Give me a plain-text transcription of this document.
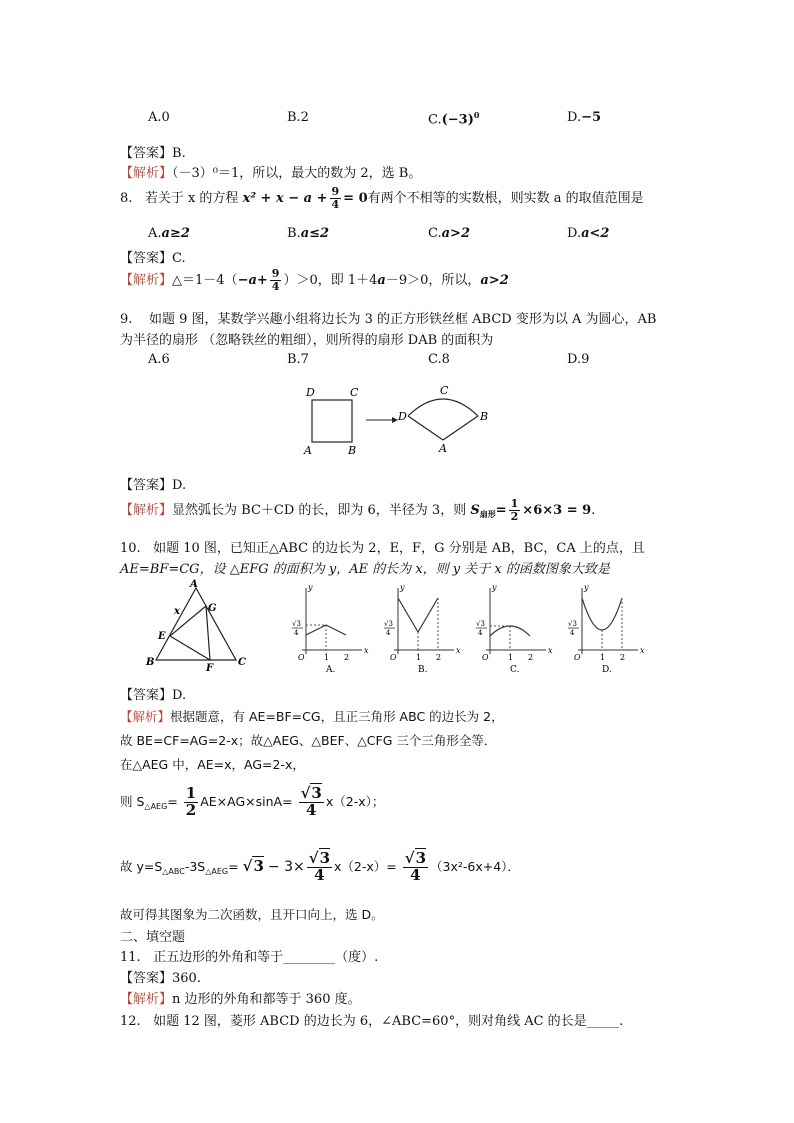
A.0	B.2	$C.(-3)^0$	D.−5
【答案】B.
【解析】（－3）⁰＝1，所以，最大的数为 2，选 B。
8. 若关于 x 的方程 $x^2 + x - a + \frac{9}{4} = 0$有两个不相等的实数根，则实数 a 的取值范围是
A.a≥2	B.a≤2	C.a>2	D.a<2
【答案】C.
【解析】△＝1－4（−a+ $\frac{9}{4} )>0$，即 1＋4a－9＞0，所以，a>2
9. 如题 9 图，某数学兴趣小组将边长为 3 的正方形铁丝框 ABCD 变形为以 A 为圆心，AB
为半径的扇形 （忽略铁丝的粗细），则所得的扇形 DAB 的面积为
A.6	B.7	C.8	D.9
D	C
A	B
D
C
B
A
【答案】D.
【解析】显然弧长为 BC＋CD 的长，即为 6，半径为 3，则 $S_{扇形}= \frac{1}{2} \times 6\times 3 = 9$.
10. 如题 10 图，已知正△ABC 的边长为 2，E，F，G 分别是 AB，BC，CA 上的点，且
AE=BF=CG，设 △EFG 的面积为 y，AE 的长为 x，则 y 关于 x 的函数图象大致是
A
B	C
E
F
G
x
y
x
O 1 2
√3
4
A.
y
x
O 1 2
√3
4
B.
y
x
O 1 2
√3
4
C.
y
x
O 1 2
√3
4
D.
【答案】D.
【解析】根据题意，有 AE=BF=CG，且正三角形 ABC 的边长为 2，
故 BE=CF=AG=2-x；故△AEG、△BEF、△CFG 三个三角形全等．
在△AEG 中，AE=x，AG=2-x，
则 $S_{\triangle AEG}= \frac{1}{2} AE\times AG\times\sin A= \frac{√3}{4} x(2-x)$；
故 $y=S_{\triangle ABC}-3S_{\triangle AEG}= √3 - 3\times \frac{√3}{4} x(2-x)= \frac{√3}{4} (3x^2-6x+4)$．
故可得其图象为二次函数，且开口向上，选 D。
二、填空题
11. 正五边形的外角和等于________（度）.
【答案】360.
【解析】n 边形的外角和都等于 360 度。
12. 如题 12 图，菱形 ABCD 的边长为 6，∠ABC=60°，则对角线 AC 的长是_____.
